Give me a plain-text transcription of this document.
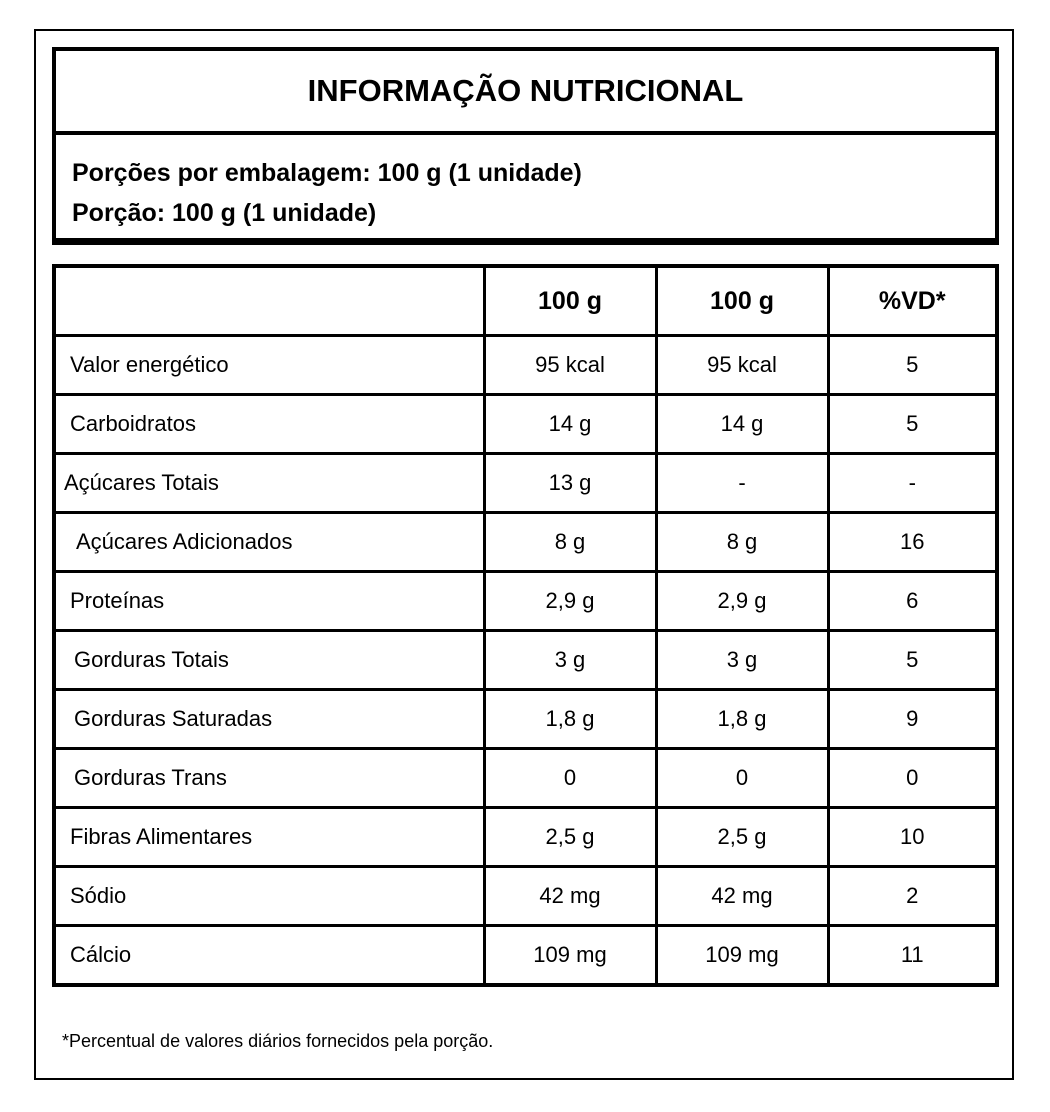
INFORMAÇÃO NUTRICIONAL
Porções por embalagem: 100 g (1 unidade)
Porção: 100 g (1 unidade)
	100 g	100 g	%VD*
Valor energético	95 kcal	95 kcal	5
Carboidratos	14 g	14 g	5
Açúcares Totais	13 g	-	-
Açúcares Adicionados	8 g	8 g	16
Proteínas	2,9 g	2,9 g	6
Gorduras Totais	3 g	3 g	5
Gorduras Saturadas	1,8 g	1,8 g	9
Gorduras Trans	0	0	0
Fibras Alimentares	2,5 g	2,5 g	10
Sódio	42 mg	42 mg	2
Cálcio	109 mg	109 mg	11
*Percentual de valores diários fornecidos pela porção.
